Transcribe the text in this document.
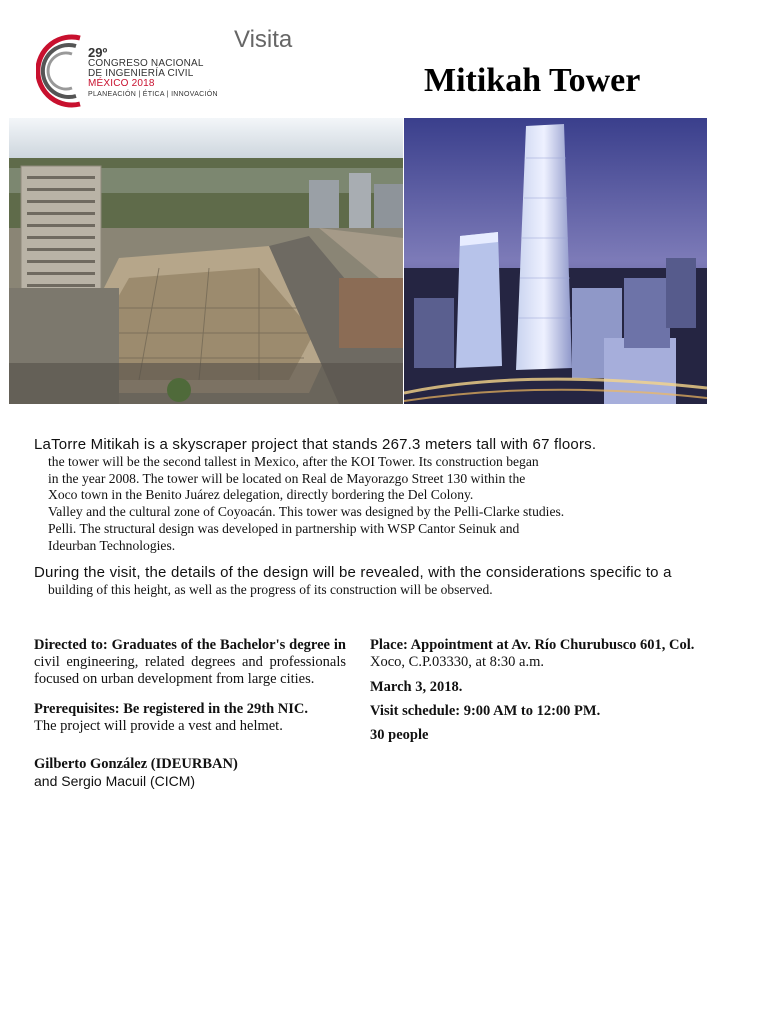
29º
CONGRESO NACIONAL
DE INGENIERÍA CIVIL
MÉXICO 2018
PLANEACIÓN | ÉTICA | INNOVACIÓN
Visita
Mitikah Tower
LaTorre Mitikah is a skyscraper project that stands 267.3 meters tall with 67 floors.
the tower will be the second tallest in Mexico, after the KOI Tower. Its construction began
in the year 2008. The tower will be located on Real de Mayorazgo Street 130 within the
Xoco town in the Benito Juárez delegation, directly bordering the Del Colony.
Valley and the cultural zone of Coyoacán. This tower was designed by the Pelli-Clarke studies.
Pelli. The structural design was developed in partnership with WSP Cantor Seinuk and
Ideurban Technologies.
During the visit, the details of the design will be revealed, with the considerations specific to a
building of this height, as well as the progress of its construction will be observed.
Directed to: Graduates of the Bachelor's degree in civil engineering, related degrees and professionals focused on urban development from large cities.
Prerequisites: Be registered in the 29th NIC.
The project will provide a vest and helmet.
Gilberto González (IDEURBAN)
and Sergio Macuil (CICM)
Place: Appointment at Av. Río Churubusco 601, Col.
Xoco, C.P.03330, at 8:30 a.m.
March 3, 2018.
Visit schedule: 9:00 AM to 12:00 PM.
30 people
